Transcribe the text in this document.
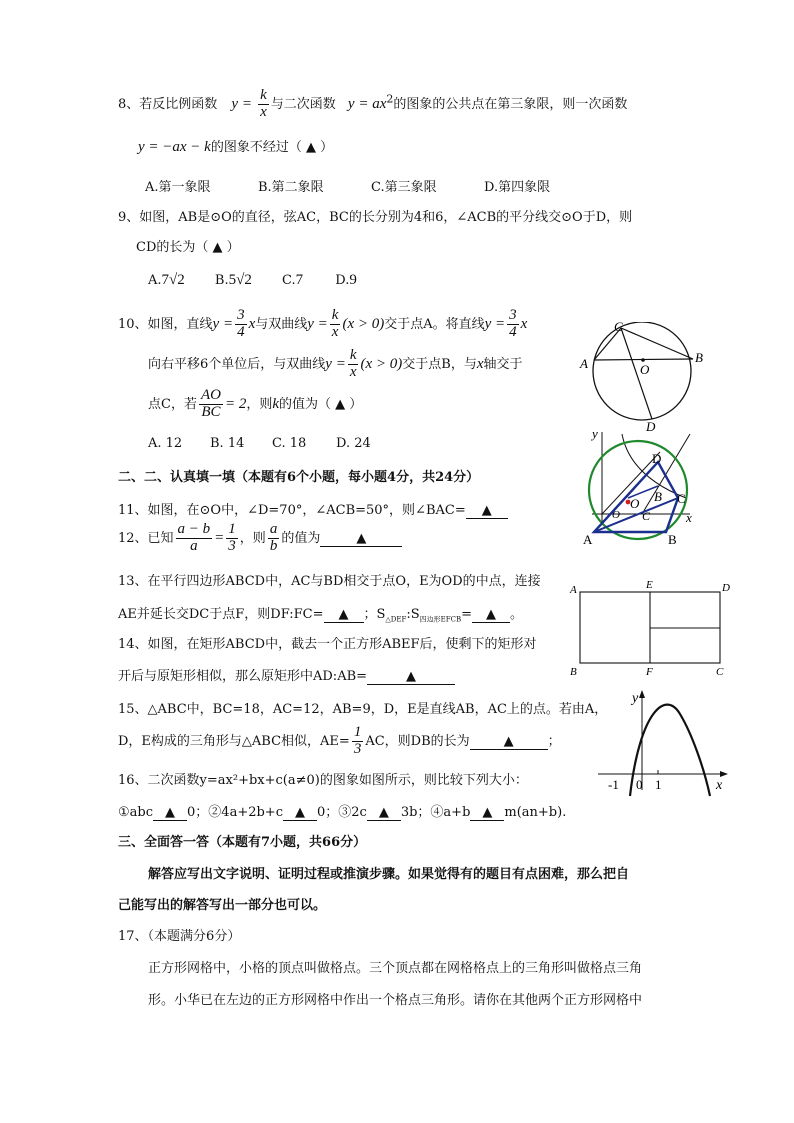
8、若反比例函数 $y = \frac{k}{x}$ 与二次函数 $y = ax^2$的图象的公共点在第三象限，则一次函数
y = −ax − k的图象不经过（ ▲ ）
A.第一象限	B.第二象限	C.第三象限	D.第四象限
9、如图，AB是⊙O的直径，弦AC，BC的长分别为4和6，∠ACB的平分线交⊙O于D，则
CD的长为（ ▲ ）
A.7√2 B.5√2 C.7 D.9
10、如图，直线$y = \frac{3}{4}$ x与双曲线$y = \frac{k}{x} (x > 0)$交于点A。将直线$y = \frac{3}{4}$ x
向右平移6个单位后，与双曲线$y = \frac{k}{x} (x > 0)$交于点B，与x轴交于
点C，若 $\frac{AO}{BC} = 2$，则k的值为（ ▲ ）
A. 12 B. 14 C. 18 D. 24
二、二、认真填一填（本题有6个小题，每小题4分，共24分）
11、如图，在⊙O中，∠D=70°，∠ACB=50°，则∠BAC= ▲
12、已知 $\frac{a - b}{a} = \frac{1}{3}$ ，则 $\frac{a}{b}$ 的值为	▲
13、在平行四边形ABCD中，AC与BD相交于点O，E为OD的中点，连接
AE并延长交DC于点F，则DF:FC= ▲ ；$S_{\triangle DEF}:S_{四边形EFCB}=$ ▲ 。
14、如图，在矩形ABCD中，截去一个正方形ABEF后，使剩下的矩形对
开后与原矩形相似，那么原矩形中AD:AB=	▲
15、△ABC中，BC=18，AC=12，AB=9，D，E是直线AB，AC上的点。若由A，
D，E构成的三角形与△ABC相似，$AE= \frac{1}{3}$ AC，则DB的长为	▲	；
16、二次函数y=ax²+bx+c(a≠0)的图象如图所示，则比较下列大小：
①abc ▲ 0；②4a+2b+c ▲ 0；③2c ▲ 3b；④a+b ▲ m(an+b).
三、全面答一答（本题有7小题，共66分）
解答应写出文字说明、证明过程或推演步骤。如果觉得有的题目有点困难，那么把自
己能写出的解答写出一部分也可以。
17、（本题满分6分）
正方形网格中，小格的顶点叫做格点。三个顶点都在网格格点上的三角形叫做格点三角
形。小华已在左边的正方形网格中作出一个格点三角形。请你在其他两个正方形网格中
C
A	O
B
D
y
D
B C
O
O C	x
A	B
A	E	D
B	F	C
y
-1 0 1	x
